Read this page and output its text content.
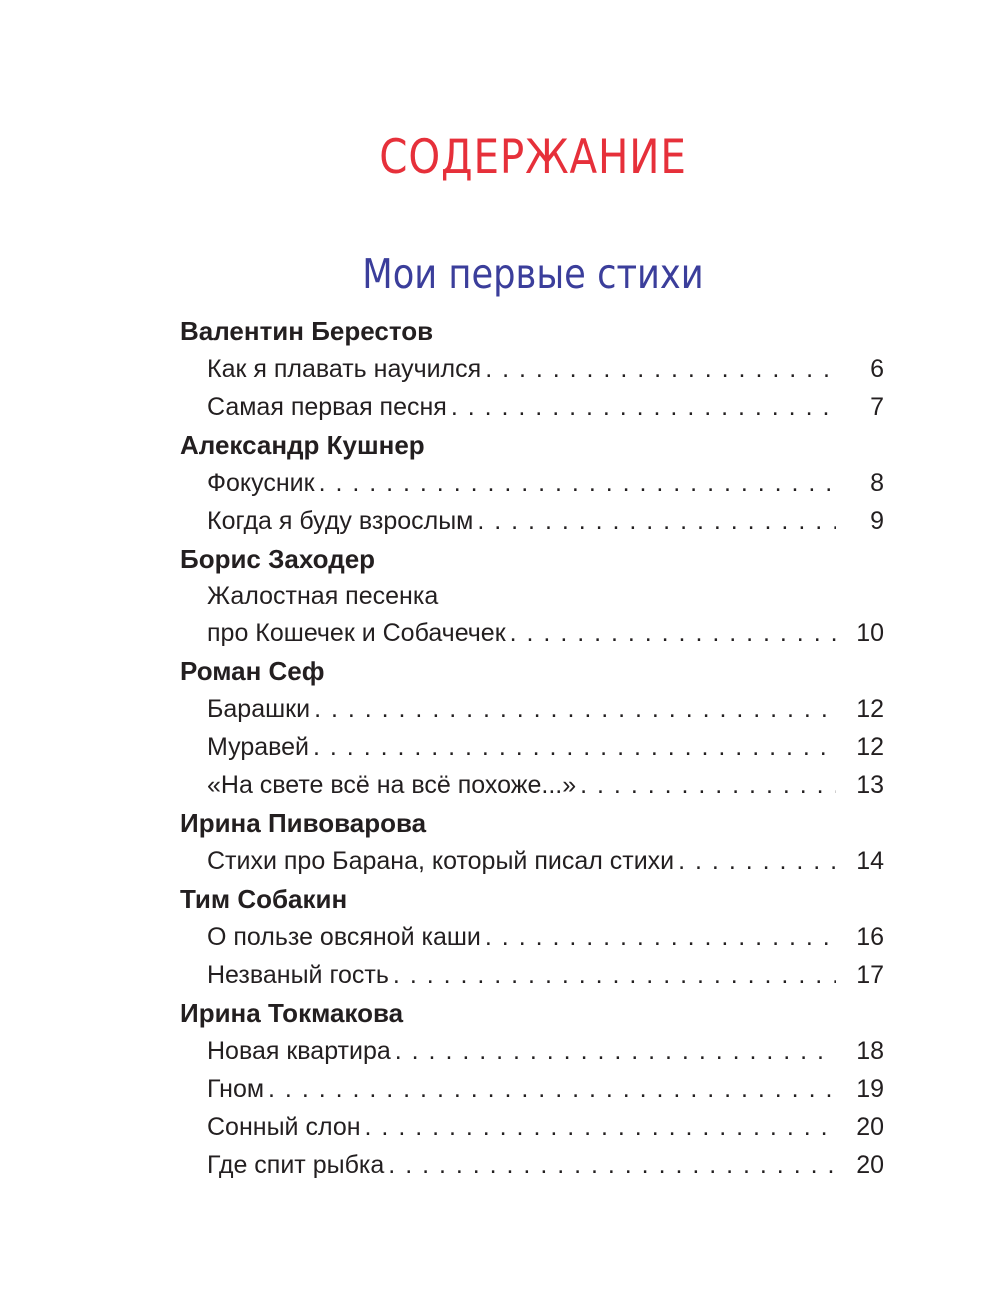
СОДЕРЖАНИЕ
Мои первые стихи
Валентин Берестов
Как я плавать научился . . .	6
Самая первая песня . . .	7
Александр Кушнер
Фокусник . . .	8
Когда я буду взрослым . . .	9
Борис Заходер
Жалостная песенка
про Кошечек и Собачечек . . .	10
Роман Сеф
Барашки . . .	12
Муравей . . .	12
«На свете всё на всё похоже...» . . .	13
Ирина Пивоварова
Стихи про Барана, который писал стихи . . .	14
Тим Собакин
О пользе овсяной каши . . .	16
Незваный гость . . .	17
Ирина Токмакова
Новая квартира . . .	18
Гном . . .	19
Сонный слон . . .	20
Где спит рыбка . . .	20
